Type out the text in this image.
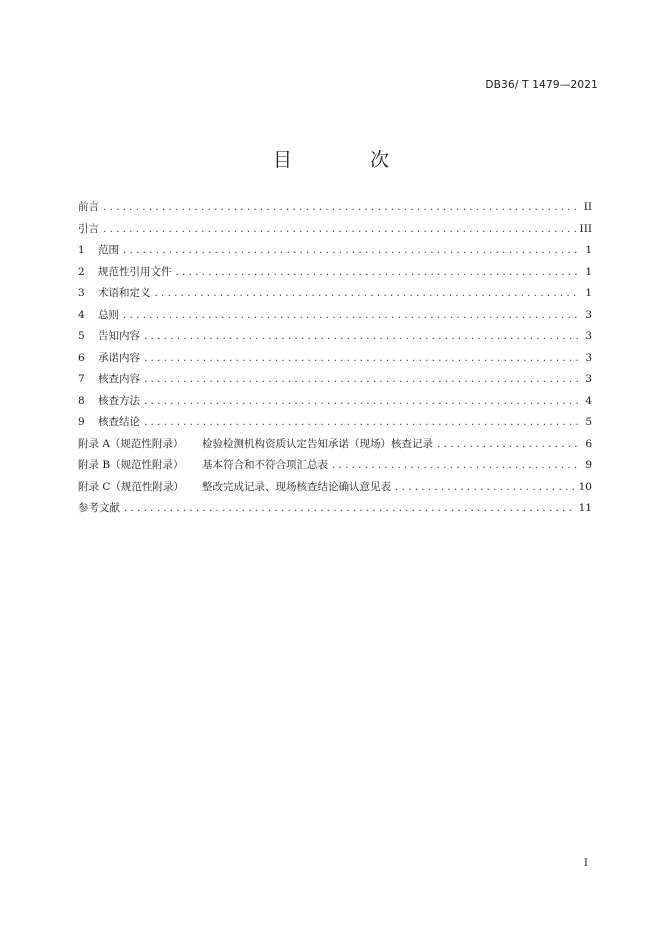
DB36/ T 1479—2021
目 次
前言 .....	II
引言 .....	III
1 范围 .....	1
2 规范性引用文件 .....	1
3 术语和定义 .....	1
4 总则 .....	3
5 告知内容 .....	3
6 承诺内容 .....	3
7 核查内容 .....	3
8 核查方法 .....	4
9 核查结论 .....	5
附录 A（规范性附录） 检验检测机构资质认定告知承诺（现场）核查记录 .....	6
附录 B（规范性附录） 基本符合和不符合项汇总表 .....	9
附录 C（规范性附录） 整改完成记录、现场核查结论确认意见表 .....	10
参考文献 .....	11
I
